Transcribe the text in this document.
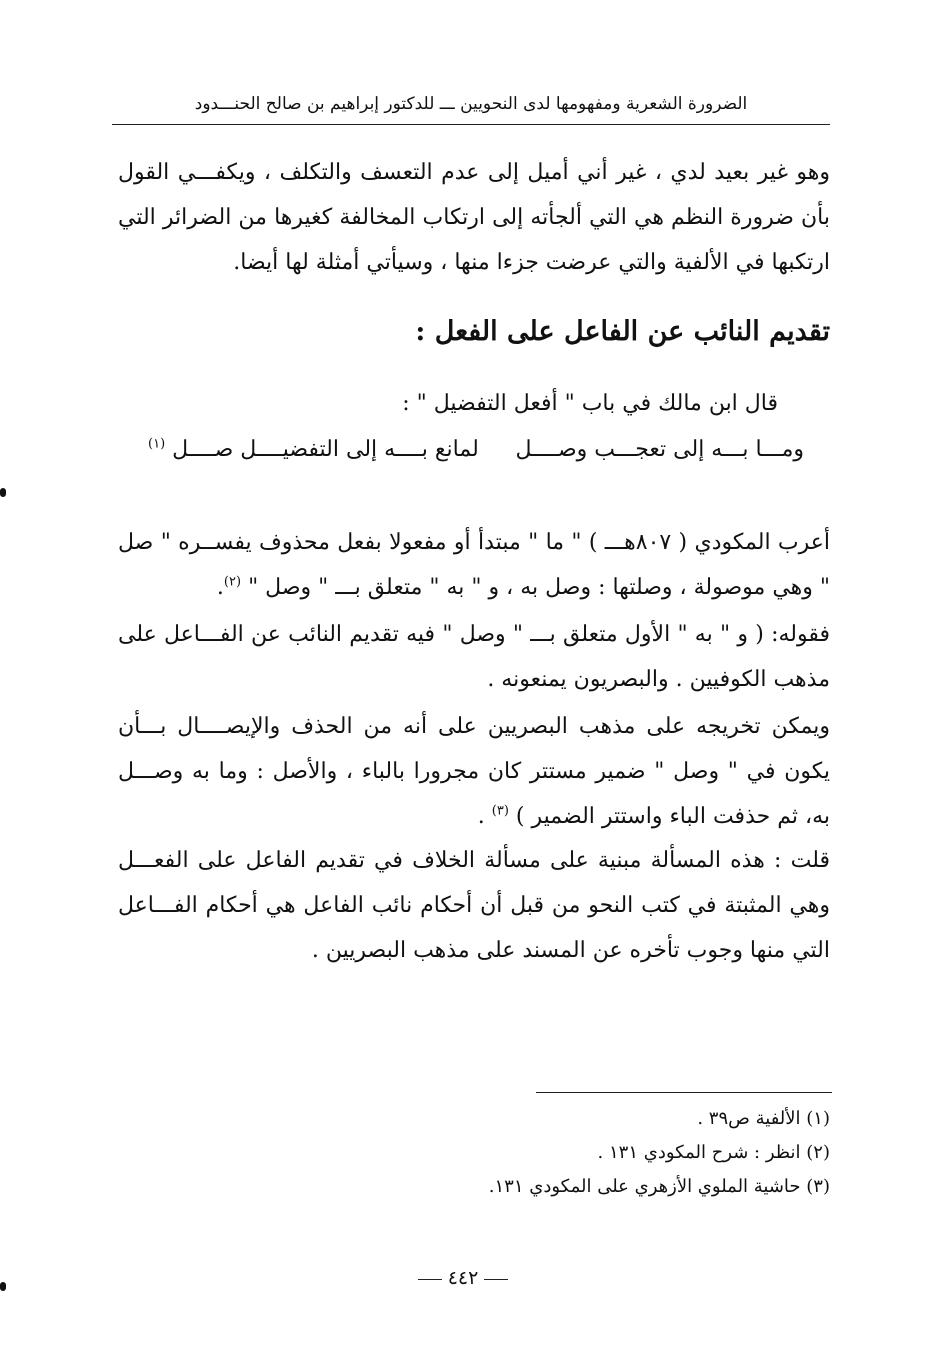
الضرورة الشعرية ومفهومها لدى النحويين ـــ للدكتور إبراهيم بن صالح الحنـــدود

وهو غير بعيد لدي ، غير أني أميل إلى عدم التعسف والتكلف ، ويكفـــي القول بأن ضرورة النظم هي التي ألجأته إلى ارتكاب المخالفة كغيرها من الضرائر التي ارتكبها في الألفية والتي عرضت جزءا منها ، وسيأتي أمثلة لها أيضا.

تقديم النائب عن الفاعل على الفعل :
قال ابن مالك في باب " أفعل التفضيل " :
ومـــا بـــه إلى تعجـــب وصــــل
لمانع بــــه إلى التفضيــــل صــــل $^{(١)}$

أعرب المكودي ( ٨٠٧هـــ ) " ما " مبتدأ أو مفعولا بفعل محذوف يفســره " صل " وهي موصولة ، وصلتها : وصل به ، و " به " متعلق بـــ " وصل " $^{(٢)}$.

فقوله: ( و " به " الأول متعلق بـــ " وصل " فيه تقديم النائب عن الفـــاعل على مذهب الكوفيين . والبصريون يمنعونه .

ويمكن تخريجه على مذهب البصريين على أنه من الحذف والإيصــــال بـــأن يكون في " وصل " ضمير مستتر كان مجرورا بالباء ، والأصل : وما به وصـــل به، ثم حذفت الباء واستتر الضمير ) $^{(٣)}$ .

قلت : هذه المسألة مبنية على مسألة الخلاف في تقديم الفاعل على الفعـــل وهي المثبتة في كتب النحو من قبل أن أحكام نائب الفاعل هي أحكام الفـــاعل التي منها وجوب تأخره عن المسند على مذهب البصريين .

(١) الألفية ص٣٩ .
(٢) انظر : شرح المكودي ١٣١ .
(٣) حاشية الملوي الأزهري على المكودي ١٣١.
٤٤٢
